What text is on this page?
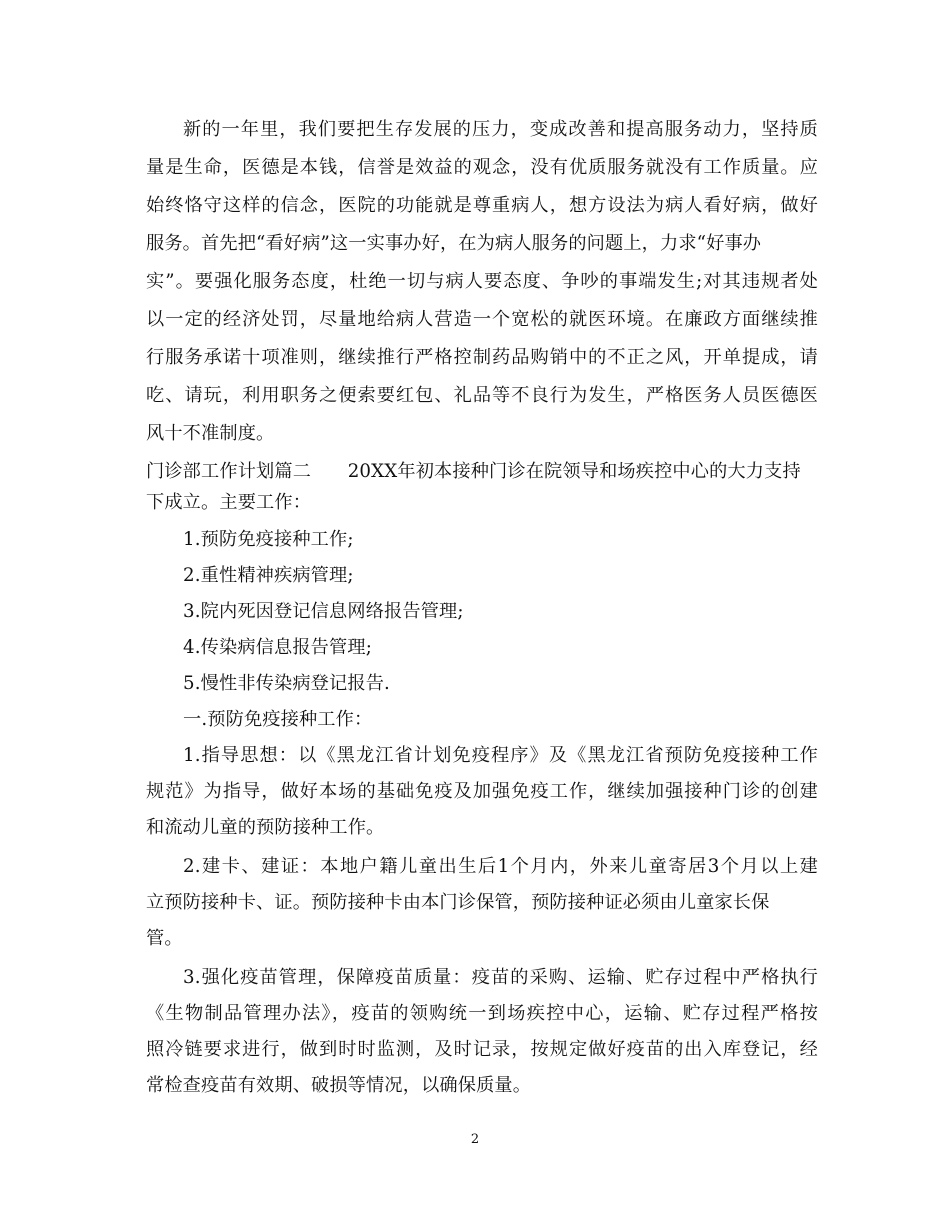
新的一年里，我们要把生存发展的压力，变成改善和提高服务动力，坚持质
量是生命，医德是本钱，信誉是效益的观念，没有优质服务就没有工作质量。应
始终恪守这样的信念，医院的功能就是尊重病人，想方设法为病人看好病，做好
服务。首先把“看好病”这一实事办好，在为病人服务的问题上，力求“好事办
实”。要强化服务态度，杜绝一切与病人要态度、争吵的事端发生;对其违规者处
以一定的经济处罚，尽量地给病人营造一个宽松的就医环境。在廉政方面继续推
行服务承诺十项准则，继续推行严格控制药品购销中的不正之风，开单提成，请
吃、请玩，利用职务之便索要红包、礼品等不良行为发生，严格医务人员医德医
风十不准制度。
门诊部工作计划篇二　　20XX年初本接种门诊在院领导和场疾控中心的大力支持
下成立。主要工作：
1.预防免疫接种工作;
2.重性精神疾病管理;
3.院内死因登记信息网络报告管理;
4.传染病信息报告管理;
5.慢性非传染病登记报告.
一.预防免疫接种工作：
1.指导思想：以《黑龙江省计划免疫程序》及《黑龙江省预防免疫接种工作
规范》为指导，做好本场的基础免疫及加强免疫工作，继续加强接种门诊的创建
和流动儿童的预防接种工作。
2.建卡、建证：本地户籍儿童出生后1个月内，外来儿童寄居3个月以上建
立预防接种卡、证。预防接种卡由本门诊保管，预防接种证必须由儿童家长保
管。
3.强化疫苗管理，保障疫苗质量：疫苗的采购、运输、贮存过程中严格执行
《生物制品管理办法》，疫苗的领购统一到场疾控中心，运输、贮存过程严格按
照冷链要求进行，做到时时监测，及时记录，按规定做好疫苗的出入库登记，经
常检查疫苗有效期、破损等情况，以确保质量。
2
